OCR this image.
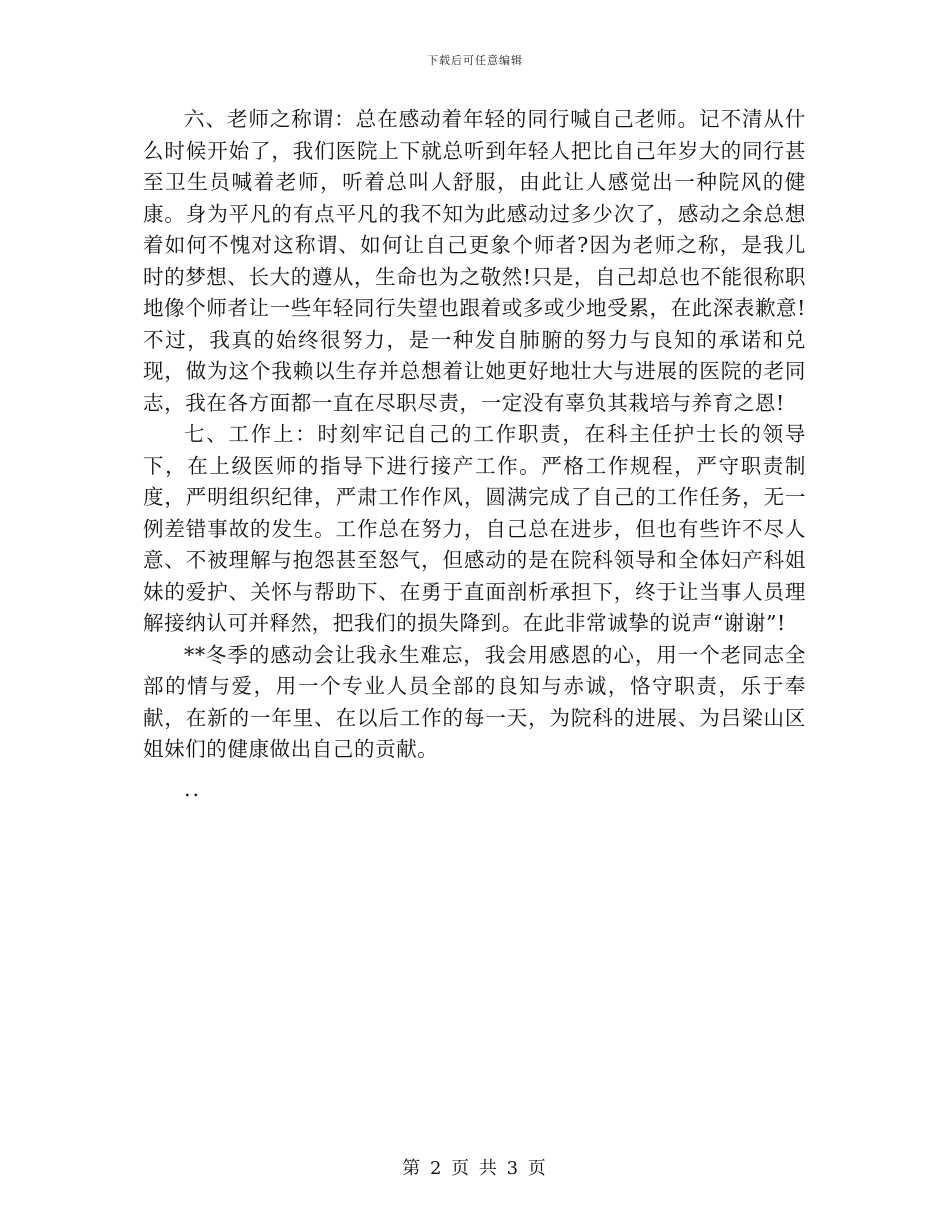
下载后可任意编辑

六、老师之称谓：总在感动着年轻的同行喊自己老师。记不清从什么时候开始了，我们医院上下就总听到年轻人把比自己年岁大的同行甚至卫生员喊着老师，听着总叫人舒服，由此让人感觉出一种院风的健康。身为平凡的有点平凡的我不知为此感动过多少次了，感动之余总想着如何不愧对这称谓、如何让自己更象个师者?因为老师之称，是我儿时的梦想、长大的遵从，生命也为之敬然!只是，自己却总也不能很称职地像个师者让一些年轻同行失望也跟着或多或少地受累，在此深表歉意!不过，我真的始终很努力，是一种发自肺腑的努力与良知的承诺和兑现，做为这个我赖以生存并总想着让她更好地壮大与进展的医院的老同志，我在各方面都一直在尽职尽责，一定没有辜负其栽培与养育之恩!

七、工作上：时刻牢记自己的工作职责，在科主任护士长的领导下，在上级医师的指导下进行接产工作。严格工作规程，严守职责制度，严明组织纪律，严肃工作作风，圆满完成了自己的工作任务，无一例差错事故的发生。工作总在努力，自己总在进步，但也有些许不尽人意、不被理解与抱怨甚至怒气，但感动的是在院科领导和全体妇产科姐妹的爱护、关怀与帮助下、在勇于直面剖析承担下，终于让当事人员理解接纳认可并释然，把我们的损失降到。在此非常诚挚的说声“谢谢”!

**冬季的感动会让我永生难忘，我会用感恩的心，用一个老同志全部的情与爱，用一个专业人员全部的良知与赤诚，恪守职责，乐于奉献，在新的一年里、在以后工作的每一天，为院科的进展、为吕梁山区姐妹们的健康做出自己的贡献。

..

第 2 页 共 3 页
